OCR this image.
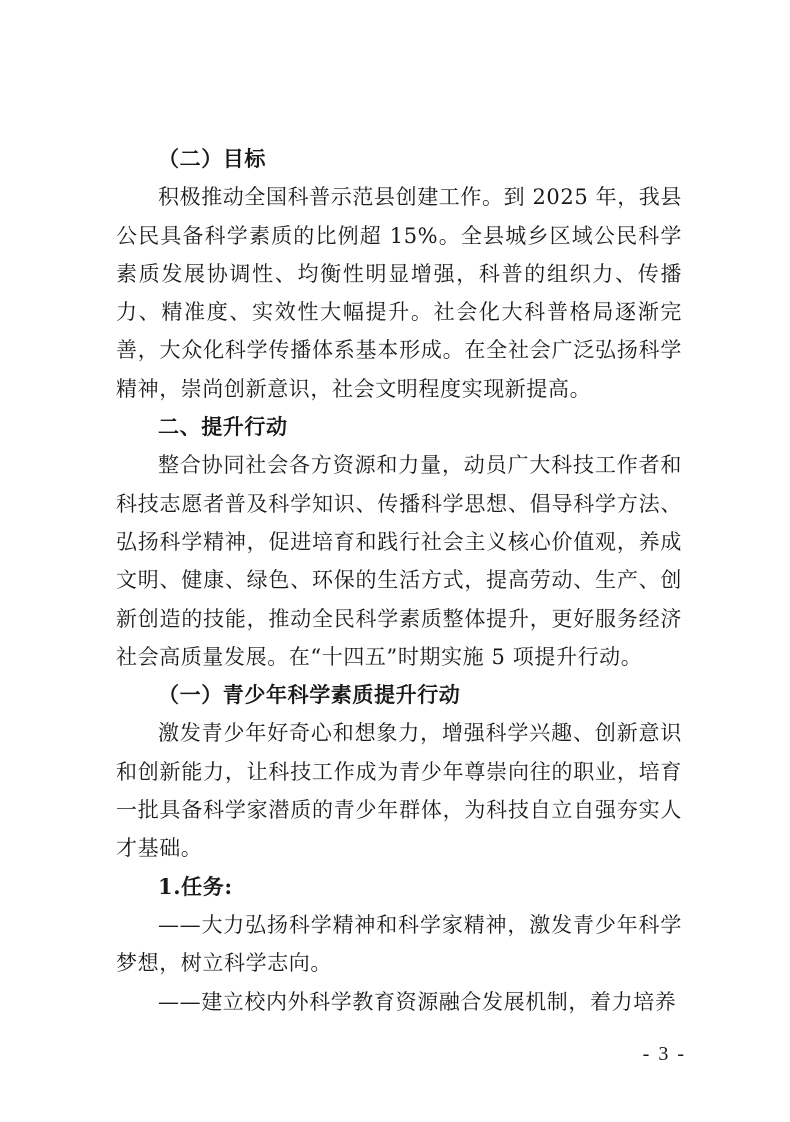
（二）目标

积极推动全国科普示范县创建工作。到 2025 年，我县公民具备科学素质的比例超 15%。全县城乡区域公民科学素质发展协调性、均衡性明显增强，科普的组织力、传播力、精准度、实效性大幅提升。社会化大科普格局逐渐完善，大众化科学传播体系基本形成。在全社会广泛弘扬科学精神，崇尚创新意识，社会文明程度实现新提高。

二、提升行动

整合协同社会各方资源和力量，动员广大科技工作者和科技志愿者普及科学知识、传播科学思想、倡导科学方法、弘扬科学精神，促进培育和践行社会主义核心价值观，养成文明、健康、绿色、环保的生活方式，提高劳动、生产、创新创造的技能，推动全民科学素质整体提升，更好服务经济社会高质量发展。在“十四五”时期实施 5 项提升行动。

（一）青少年科学素质提升行动

激发青少年好奇心和想象力，增强科学兴趣、创新意识和创新能力，让科技工作成为青少年尊崇向往的职业，培育一批具备科学家潜质的青少年群体，为科技自立自强夯实人才基础。

1.任务:

——大力弘扬科学精神和科学家精神，激发青少年科学梦想，树立科学志向。

——建立校内外科学教育资源融合发展机制，着力培养

- 3 -
